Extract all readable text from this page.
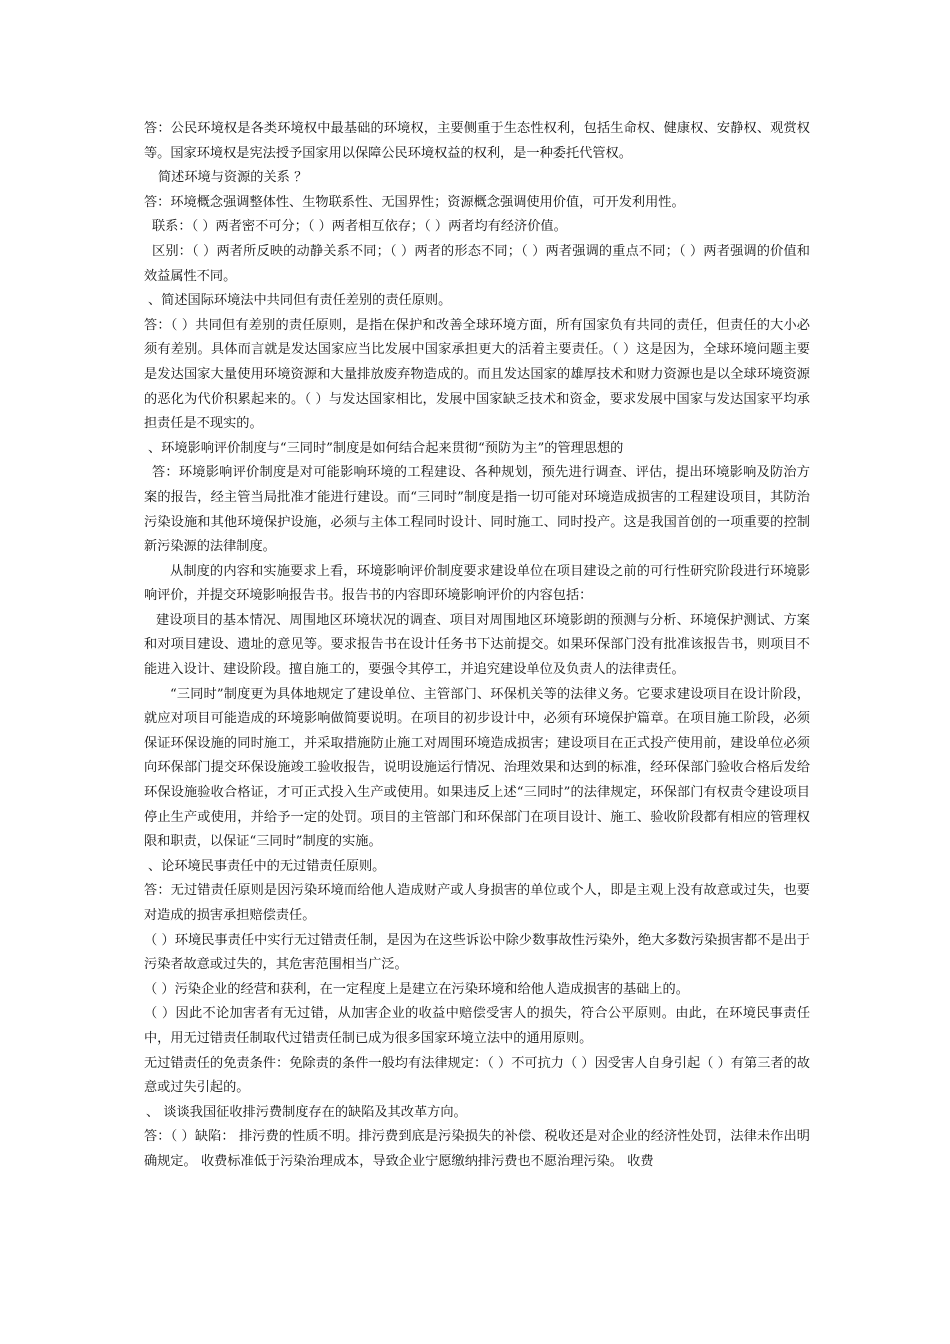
答：公民环境权是各类环境权中最基础的环境权，主要侧重于生态性权利，包括生命权、健康权、安静权、观赏权等。国家环境权是宪法授予国家用以保障公民环境权益的权利，是一种委托代管权。

简述环境与资源的关系 ？

答：环境概念强调整体性、生物联系性、无国界性；资源概念强调使用价值，可开发利用性。

联系：（ ）两者密不可分；（ ）两者相互依存；（ ）两者均有经济价值。

区别：（ ）两者所反映的动静关系不同；（ ）两者的形态不同；（ ）两者强调的重点不同；（ ）两者强调的价值和效益属性不同。

、简述国际环境法中共同但有责任差别的责任原则。

答：（ ）共同但有差别的责任原则，是指在保护和改善全球环境方面，所有国家负有共同的责任，但责任的大小必须有差别。具体而言就是发达国家应当比发展中国家承担更大的活着主要责任。（ ）这是因为，全球环境问题主要是发达国家大量使用环境资源和大量排放废弃物造成的。而且发达国家的雄厚技术和财力资源也是以全球环境资源的恶化为代价积累起来的。（ ）与发达国家相比，发展中国家缺乏技术和资金，要求发展中国家与发达国家平均承担责任是不现实的。

、环境影响评价制度与“三同时”制度是如何结合起来贯彻“预防为主”的管理思想的

答：环境影响评价制度是对可能影响环境的工程建设、各种规划，预先进行调查、评估，提出环境影响及防治方案的报告，经主管当局批准才能进行建设。而“三同时”制度是指一切可能对环境造成损害的工程建设项目，其防治污染设施和其他环境保护设施，必须与主体工程同时设计、同时施工、同时投产。这是我国首创的一项重要的控制新污染源的法律制度。

从制度的内容和实施要求上看，环境影响评价制度要求建设单位在项目建设之前的可行性研究阶段进行环境影响评价，并提交环境影响报告书。报告书的内容即环境影响评价的内容包括：

建设项目的基本情况、周围地区环境状况的调查、项目对周围地区环境影朗的预测与分析、环境保护测试、方案和对项目建设、遗址的意见等。要求报告书在设计任务书下达前提交。如果环保部门没有批准该报告书，则项目不能进入设计、建设阶段。擅自施工的，要强令其停工，并追究建设单位及负责人的法律责任。

“三同时”制度更为具体地规定了建设单位、主管部门、环保机关等的法律义务。它要求建设项目在设计阶段，就应对项目可能造成的环境影响做简要说明。在项目的初步设计中，必须有环境保护篇章。在项目施工阶段，必须保证环保设施的同时施工，并采取措施防止施工对周围环境造成损害；建设项目在正式投产使用前，建设单位必须向环保部门提交环保设施竣工验收报告，说明设施运行情况、治理效果和达到的标准，经环保部门验收合格后发给环保设施验收合格证，才可正式投入生产或使用。如果违反上述“三同时”的法律规定，环保部门有权责令建设项目停止生产或使用，并给予一定的处罚。项目的主管部门和环保部门在项目设计、施工、验收阶段都有相应的管理权限和职责，以保证“三同时”制度的实施。

、论环境民事责任中的无过错责任原则。

答：无过错责任原则是因污染环境而给他人造成财产或人身损害的单位或个人，即是主观上没有故意或过失，也要对造成的损害承担赔偿责任。

（ ）环境民事责任中实行无过错责任制，是因为在这些诉讼中除少数事故性污染外，绝大多数污染损害都不是出于污染者故意或过失的，其危害范围相当广泛。

（ ）污染企业的经营和获利，在一定程度上是建立在污染环境和给他人造成损害的基础上的。

（ ）因此不论加害者有无过错，从加害企业的收益中赔偿受害人的损失，符合公平原则。由此，在环境民事责任中，用无过错责任制取代过错责任制已成为很多国家环境立法中的通用原则。

无过错责任的免责条件：免除责的条件一般均有法律规定：（ ）不可抗力（ ）因受害人自身引起（ ）有第三者的故意或过失引起的。

、 谈谈我国征收排污费制度存在的缺陷及其改革方向。

答：（ ）缺陷： 排污费的性质不明。排污费到底是污染损失的补偿、税收还是对企业的经济性处罚，法律未作出明确规定。 收费标准低于污染治理成本，导致企业宁愿缴纳排污费也不愿治理污染。 收费
